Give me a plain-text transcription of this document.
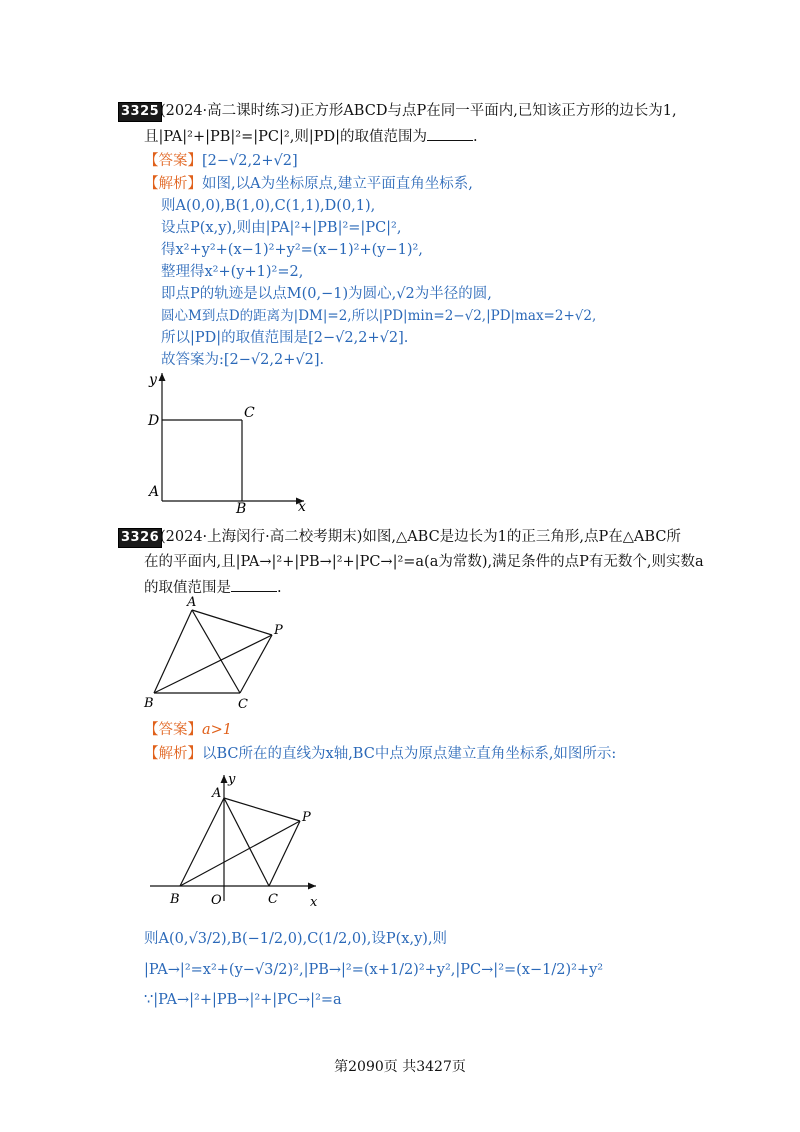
3325 (2024·高二课时练习)正方形ABCD与点P在同一平面内,已知该正方形的边长为1,
且|PA|²+|PB|²=|PC|²,则|PD|的取值范围为	.
【答案】[2−√2,2+√2]
【解析】如图,以A为坐标原点,建立平面直角坐标系,
则A(0,0),B(1,0),C(1,1),D(0,1),
设点P(x,y),则由|PA|²+|PB|²=|PC|²,
得x²+y²+(x−1)²+y²=(x−1)²+(y−1)²,
整理得x²+(y+1)²=2,
即点P的轨迹是以点M(0,−1)为圆心,√2为半径的圆,
圆心M到点D的距离为|DM|=2,所以|PD|min=2−√2,|PD|max=2+√2,
所以|PD|的取值范围是[2−√2,2+√2].
故答案为:[2−√2,2+√2].
y
x
D	C
A
B
3326 (2024·上海闵行·高二校考期末)如图,△ABC是边长为1的正三角形,点P在△ABC所
在的平面内,且|PA→|²+|PB→|²+|PC→|²=a(a为常数),满足条件的点P有无数个,则实数a
的取值范围是	.
A
B	C
P
【答案】a>1
【解析】以BC所在的直线为x轴,BC中点为原点建立直角坐标系,如图所示:
y
A
P
B O	C x
则A(0,√3/2),B(−1/2,0),C(1/2,0),设P(x,y),则
|PA→|²=x²+(y−√3/2)²,|PB→|²=(x+1/2)²+y²,|PC→|²=(x−1/2)²+y²
∵|PA→|²+|PB→|²+|PC→|²=a
第2090页 共3427页
